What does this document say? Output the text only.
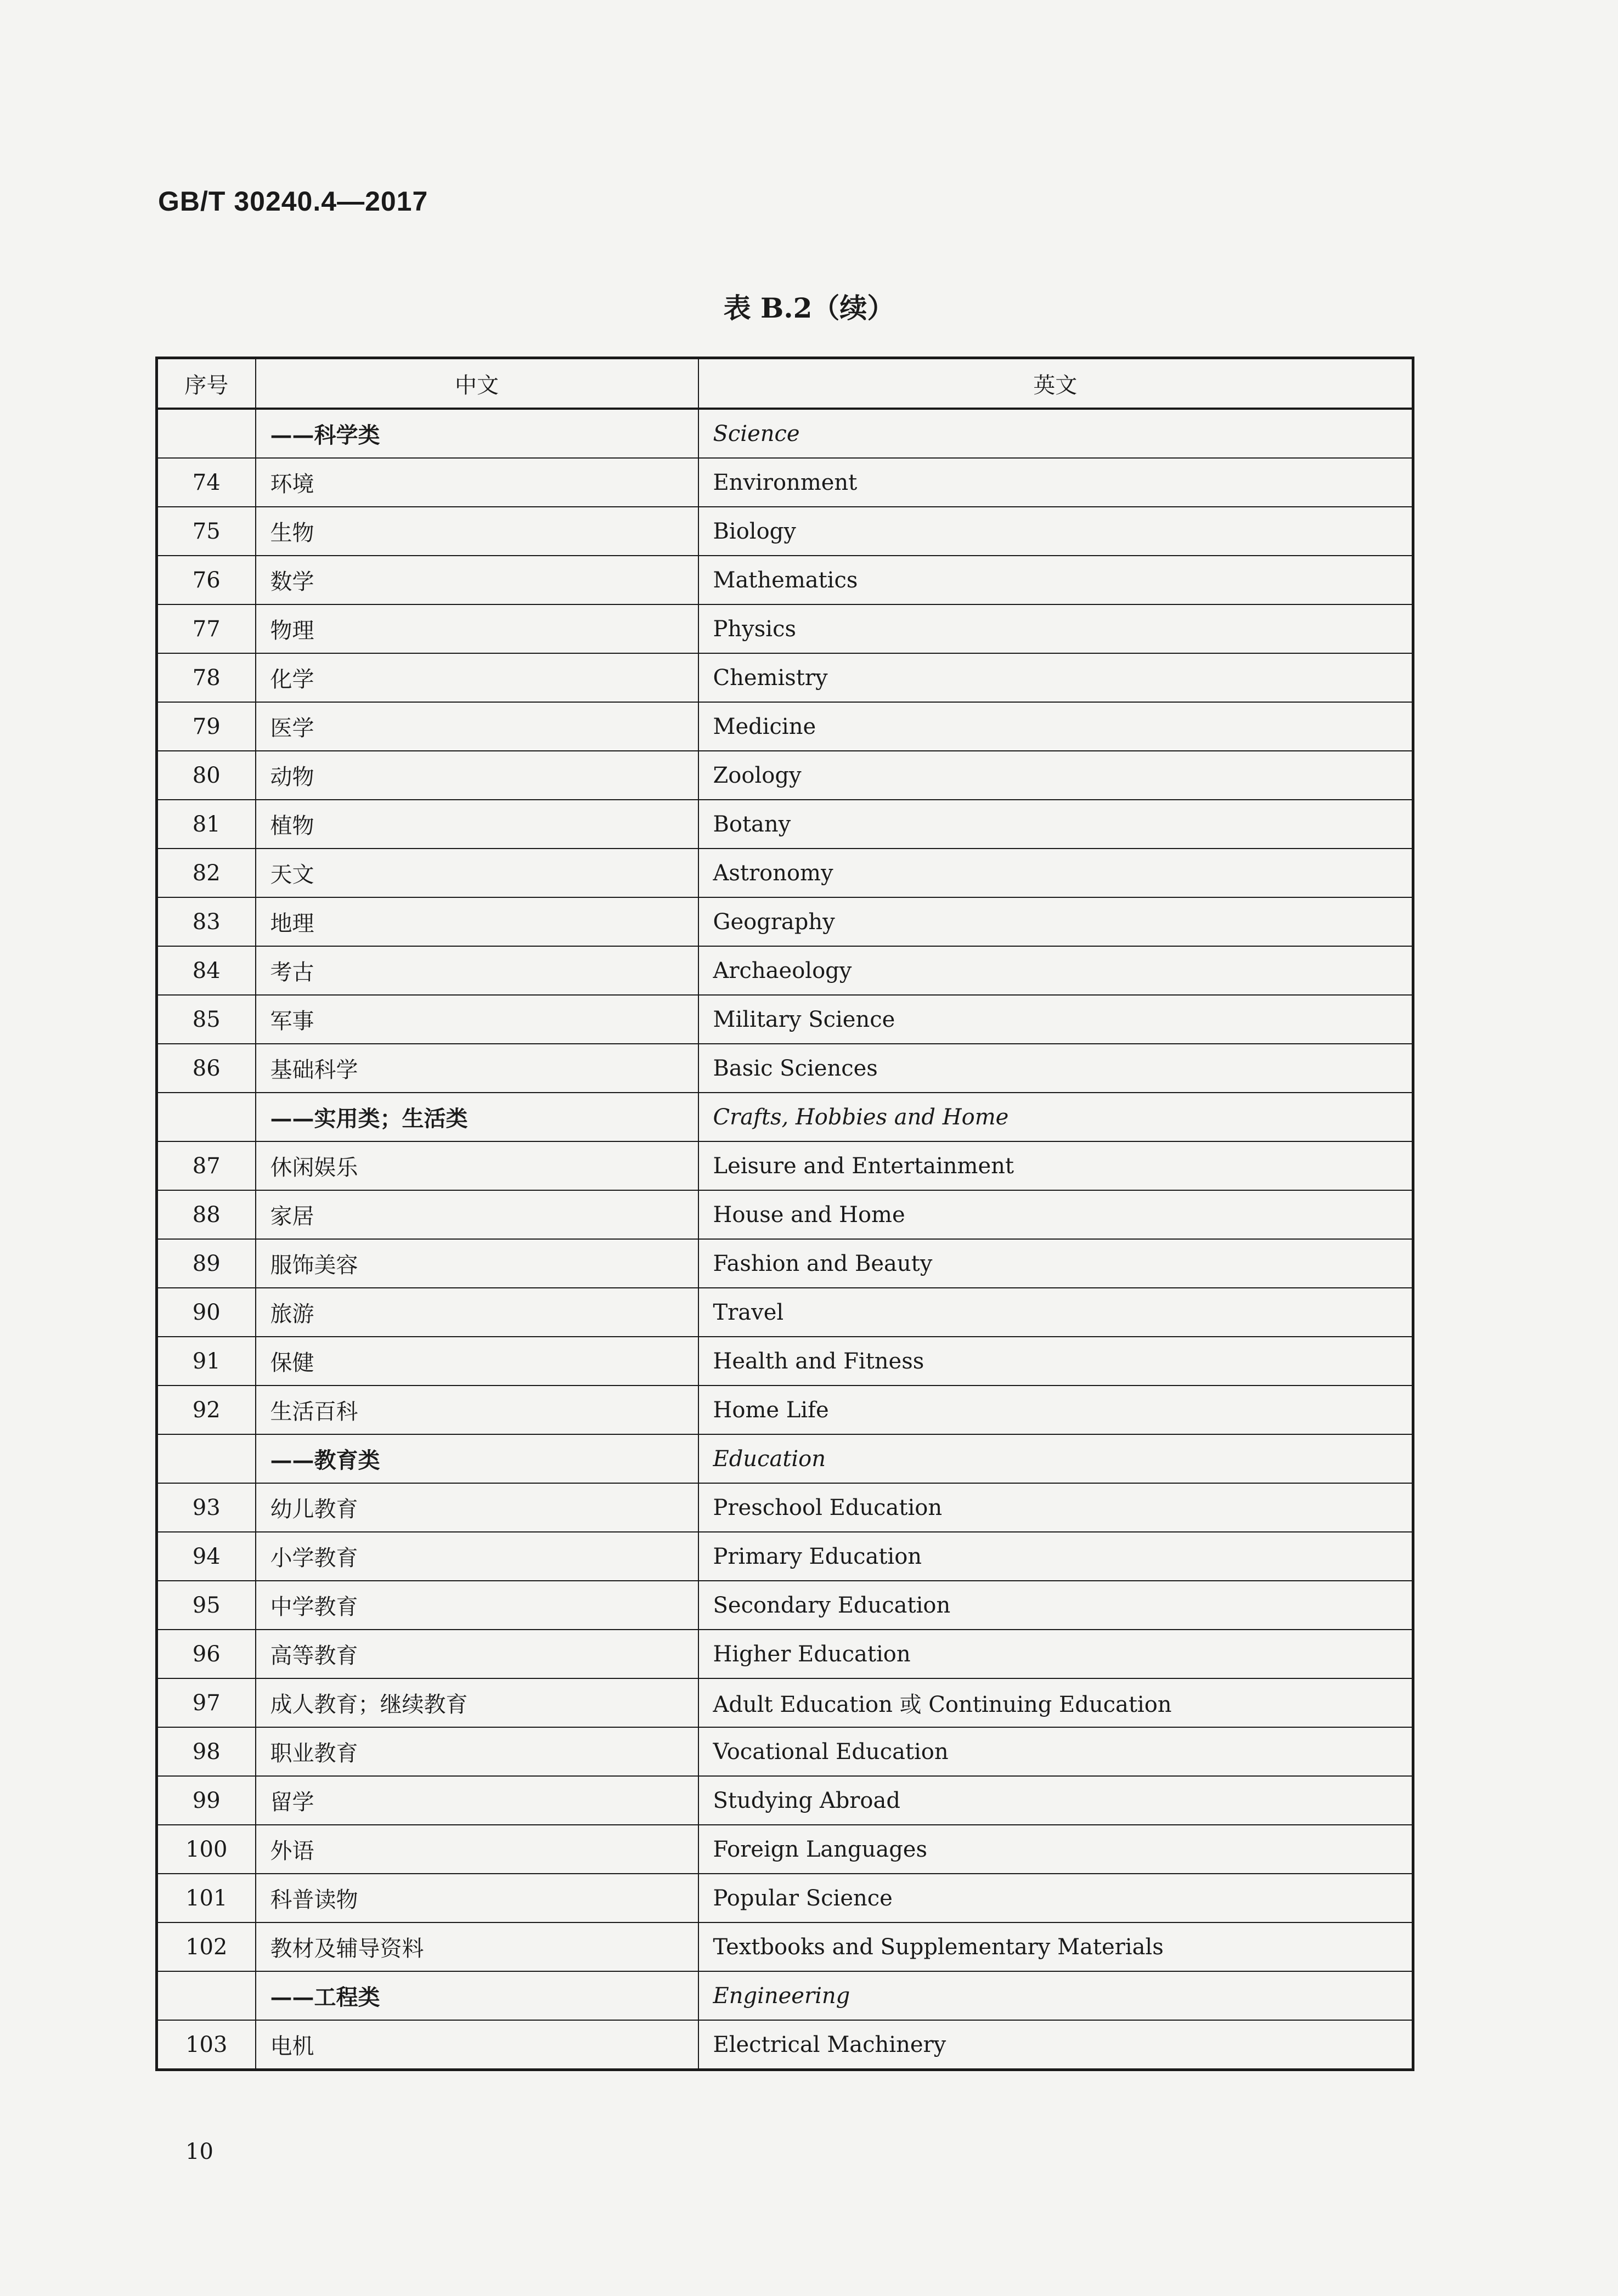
GB/T 30240.4—2017
表 B.2（续）
序号	中文	英文
	——科学类	Science
74	环境	Environment
75	生物	Biology
76	数学	Mathematics
77	物理	Physics
78	化学	Chemistry
79	医学	Medicine
80	动物	Zoology
81	植物	Botany
82	天文	Astronomy
83	地理	Geography
84	考古	Archaeology
85	军事	Military Science
86	基础科学	Basic Sciences
	——实用类；生活类	Crafts, Hobbies and Home
87	休闲娱乐	Leisure and Entertainment
88	家居	House and Home
89	服饰美容	Fashion and Beauty
90	旅游	Travel
91	保健	Health and Fitness
92	生活百科	Home Life
	——教育类	Education
93	幼儿教育	Preschool Education
94	小学教育	Primary Education
95	中学教育	Secondary Education
96	高等教育	Higher Education
97	成人教育；继续教育	Adult Education 或 Continuing Education
98	职业教育	Vocational Education
99	留学	Studying Abroad
100	外语	Foreign Languages
101	科普读物	Popular Science
102	教材及辅导资料	Textbooks and Supplementary Materials
	——工程类	Engineering
103	电机	Electrical Machinery
10
